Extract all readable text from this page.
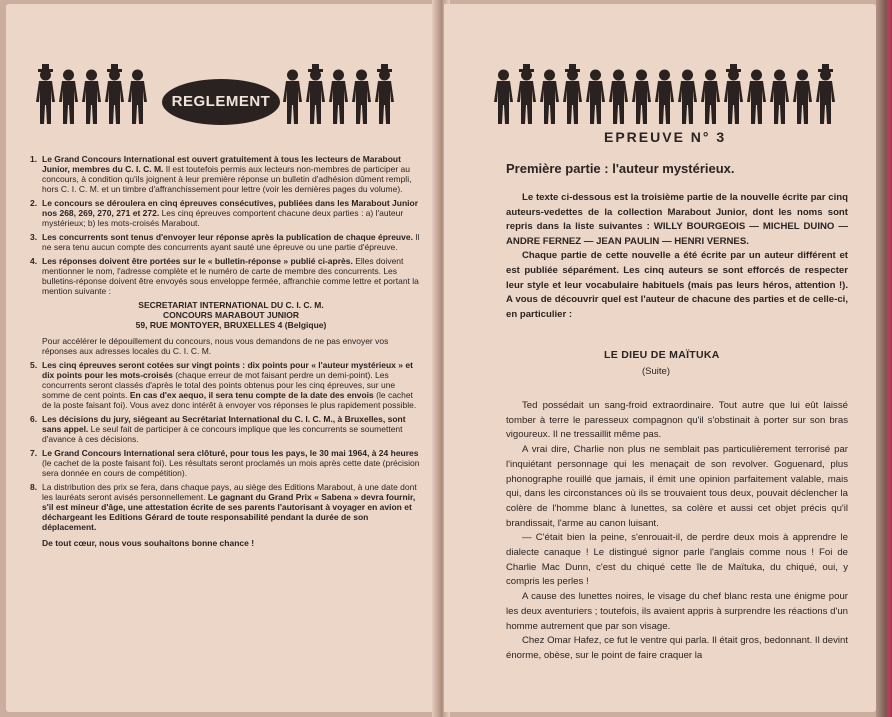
REGLEMENT
1. Le Grand Concours International est ouvert gratuitement à tous les lecteurs de Marabout Junior, membres du C. I. C. M. Il est toutefois permis aux lecteurs non-membres de participer au concours, à condition qu'ils joignent à leur première réponse un bulletin d'adhésion dûment rempli, hors C. I. C. M. et un timbre d'affranchissement pour lettre (voir les dernières pages du volume).
2. Le concours se déroulera en cinq épreuves consécutives, publiées dans les Marabout Junior nos 268, 269, 270, 271 et 272. Les cinq épreuves comportent chacune deux parties : a) l'auteur mystérieux; b) les mots-croisés Marabout.
3. Les concurrents sont tenus d'envoyer leur réponse après la publication de chaque épreuve. Il ne sera tenu aucun compte des concurrents ayant sauté une épreuve ou une partie d'épreuve.
4. Les réponses doivent être portées sur le « bulletin-réponse » publié ci-après. Elles doivent mentionner le nom, l'adresse complète et le numéro de carte de membre des concurrents. Les bulletins-réponse doivent être envoyés sous enveloppe fermée, affranchie comme lettre et portant la mention suivante :
SECRETARIAT INTERNATIONAL DU C. I. C. M.
CONCOURS MARABOUT JUNIOR
59, RUE MONTOYER, BRUXELLES 4 (Belgique)
Pour accélérer le dépouillement du concours, nous vous demandons de ne pas envoyer vos réponses aux adresses locales du C. I. C. M.
5. Les cinq épreuves seront cotées sur vingt points : dix points pour « l'auteur mystérieux » et dix points pour les mots-croisés (chaque erreur de mot faisant perdre un demi-point). Les concurrents seront classés d'après le total des points obtenus pour les cinq épreuves, sur une somme de cent points. En cas d'ex aequo, il sera tenu compte de la date des envois (le cachet de la poste faisant foi). Vous avez donc intérêt à envoyer vos réponses le plus rapidement possible.
6. Les décisions du jury, siégeant au Secrétariat International du C. I. C. M., à Bruxelles, sont sans appel. Le seul fait de participer à ce concours implique que les concurrents se soumettent d'avance à ces décisions.
7. Le Grand Concours International sera clôturé, pour tous les pays, le 30 mai 1964, à 24 heures (le cachet de la poste faisant foi). Les résultats seront proclamés un mois après cette date (précision sera donnée en cours de compétition).
8. La distribution des prix se fera, dans chaque pays, au siège des Editions Marabout, à une date dont les lauréats seront avisés personnellement. Le gagnant du Grand Prix « Sabena » devra fournir, s'il est mineur d'âge, une attestation écrite de ses parents l'autorisant à voyager en avion et déchargeant les Editions Gérard de toute responsabilité pendant la durée de son déplacement.
De tout cœur, nous vous souhaitons bonne chance !
EPREUVE N° 3
Première partie : l'auteur mystérieux.

Le texte ci-dessous est la troisième partie de la nouvelle écrite par cinq auteurs-vedettes de la collection Marabout Junior, dont les noms sont repris dans la liste suivantes : WILLY BOURGEOIS — MICHEL DUINO — ANDRE FERNEZ — JEAN PAULIN — HENRI VERNES.

Chaque partie de cette nouvelle a été écrite par un auteur différent et est publiée séparément. Les cinq auteurs se sont efforcés de respecter leur style et leur vocabulaire habituels (mais pas leurs héros, attention !). A vous de découvrir quel est l'auteur de chacune des parties et de celle-ci, en particulier :

LE DIEU DE MAÏTUKA
(Suite)

Ted possédait un sang-froid extraordinaire. Tout autre que lui eût laissé tomber à terre le paresseux compagnon qu'il s'obstinait à porter sur son bras vigoureux. Il ne tressaillit même pas.

A vrai dire, Charlie non plus ne semblait pas particulièrement terrorisé par l'inquiétant personnage qui les menaçait de son revolver. Goguenard, plus phonographe rouillé que jamais, il émit une opinion parfaitement valable, mais qui, dans les circonstances où ils se trouvaient tous deux, pouvait déclencher la colère de l'homme blanc à lunettes, sa colère et aussi cet objet précis qu'il brandissait, l'arme au canon luisant.

— C'était bien la peine, s'enrouait-il, de perdre deux mois à apprendre le dialecte canaque ! Le distingué signor parle l'anglais comme nous ! Foi de Charlie Mac Dunn, c'est du chiqué cette île de Maïtuka, du chiqué, oui, y compris les perles !

A cause des lunettes noires, le visage du chef blanc resta une énigme pour les deux aventuriers ; toutefois, ils avaient appris à surprendre les réactions d'un homme autrement que par son visage.

Chez Omar Hafez, ce fut le ventre qui parla. Il était gros, bedonnant. Il devint énorme, obèse, sur le point de faire craquer la
